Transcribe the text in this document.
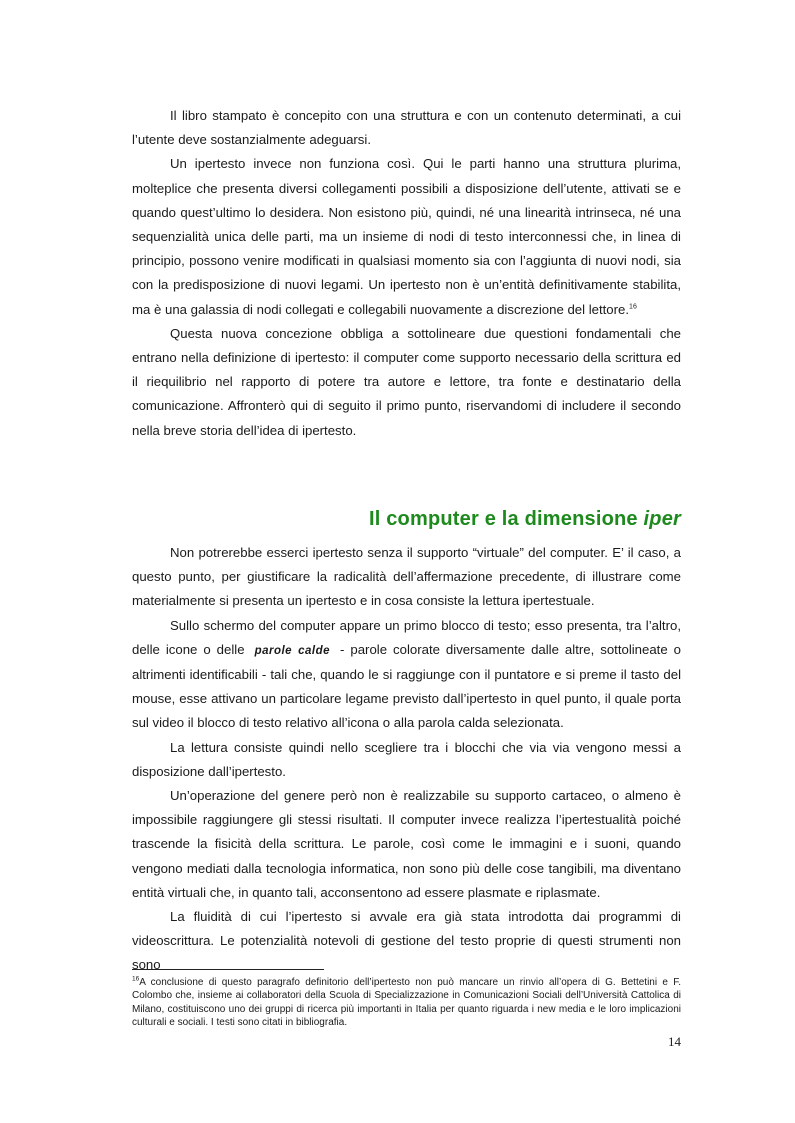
Il libro stampato è concepito con una struttura e con un contenuto determinati, a cui l’utente deve sostanzialmente adeguarsi.

Un ipertesto invece non funziona così. Qui le parti hanno una struttura plurima, molteplice che presenta diversi collegamenti possibili a disposizione dell’utente, attivati se e quando quest’ultimo lo desidera. Non esistono più, quindi, né una linearità intrinseca, né una sequenzialità unica delle parti, ma un insieme di nodi di testo interconnessi che, in linea di principio, possono venire modificati in qualsiasi momento sia con l’aggiunta di nuovi nodi, sia con la predisposizione di nuovi legami. Un ipertesto non è un’entità definitivamente stabilita, ma è una galassia di nodi collegati e collegabili nuovamente a discrezione del lettore.$^{16}$

Questa nuova concezione obbliga a sottolineare due questioni fondamentali che entrano nella definizione di ipertesto: il computer come supporto necessario della scrittura ed il riequilibrio nel rapporto di potere tra autore e lettore, tra fonte e destinatario della comunicazione. Affronterò qui di seguito il primo punto, riservandomi di includere il secondo nella breve storia dell’idea di ipertesto.

Il computer e la dimensione iper

Non potrerebbe esserci ipertesto senza il supporto “virtuale” del computer. E’ il caso, a questo punto, per giustificare la radicalità dell’affermazione precedente, di illustrare come materialmente si presenta un ipertesto e in cosa consiste la lettura ipertestuale.

Sullo schermo del computer appare un primo blocco di testo; esso presenta, tra l’altro, delle icone o delle parole calde - parole colorate diversamente dalle altre, sottolineate o altrimenti identificabili - tali che, quando le si raggiunge con il puntatore e si preme il tasto del mouse, esse attivano un particolare legame previsto dall’ipertesto in quel punto, il quale porta sul video il blocco di testo relativo all’icona o alla parola calda selezionata.

La lettura consiste quindi nello scegliere tra i blocchi che via via vengono messi a disposizione dall’ipertesto.

Un’operazione del genere però non è realizzabile su supporto cartaceo, o almeno è impossibile raggiungere gli stessi risultati. Il computer invece realizza l’ipertestualità poiché trascende la fisicità della scrittura. Le parole, così come le immagini e i suoni, quando vengono mediati dalla tecnologia informatica, non sono più delle cose tangibili, ma diventano entità virtuali che, in quanto tali, acconsentono ad essere plasmate e riplasmate.

La fluidità di cui l’ipertesto si avvale era già stata introdotta dai programmi di videoscrittura. Le potenzialità notevoli di gestione del testo proprie di questi strumenti non sono

$^{16}$A conclusione di questo paragrafo definitorio dell’ipertesto non può mancare un rinvio all’opera di G. Bettetini e F. Colombo che, insieme ai collaboratori della Scuola di Specializzazione in Comunicazioni Sociali dell’Università Cattolica di Milano, costituiscono uno dei gruppi di ricerca più importanti in Italia per quanto riguarda i new media e le loro implicazioni culturali e sociali. I testi sono citati in bibliografia.

14
